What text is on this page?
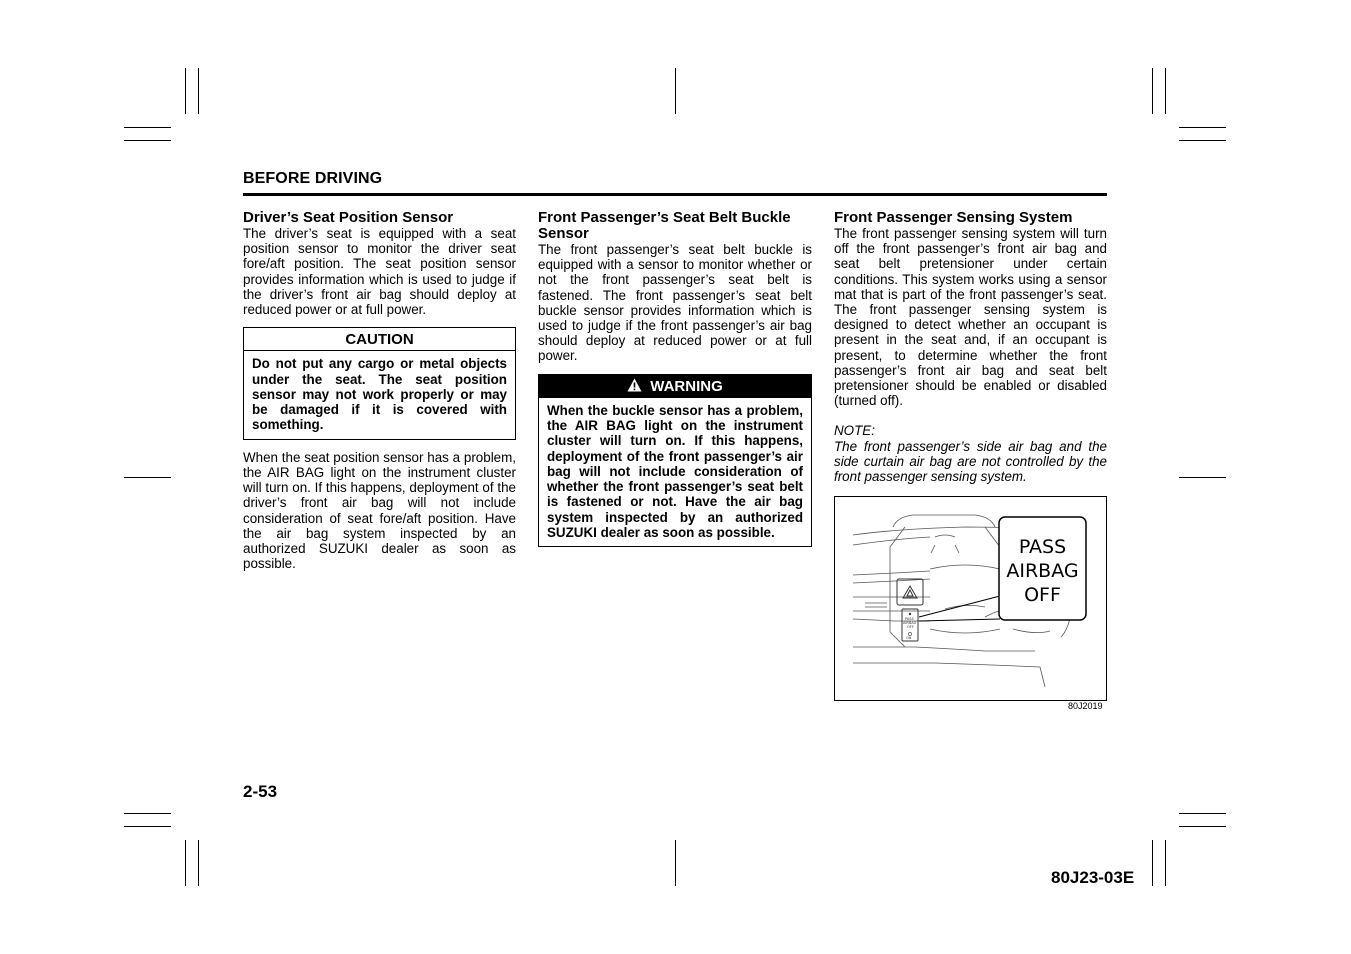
BEFORE DRIVING
Driver’s Seat Position Sensor

The driver’s seat is equipped with a seat position sensor to monitor the driver seat fore/aft position. The seat position sensor provides information which is used to judge if the driver’s front air bag should deploy at reduced power or at full power.

CAUTION
Do not put any cargo or metal objects under the seat. The seat position sensor may not work properly or may be damaged if it is covered with something.

When the seat position sensor has a problem, the AIR BAG light on the instrument cluster will turn on. If this happens, deployment of the driver’s front air bag will not include consideration of seat fore/aft position. Have the air bag system inspected by an authorized SUZUKI dealer as soon as possible.

Front Passenger’s Seat Belt Buckle Sensor

The front passenger’s seat belt buckle is equipped with a sensor to monitor whether or not the front passenger’s seat belt is fastened. The front passenger’s seat belt buckle sensor provides information which is used to judge if the front passenger’s air bag should deploy at reduced power or at full power.

WARNING
When the buckle sensor has a problem, the AIR BAG light on the instrument cluster will turn on. If this happens, deployment of the front passenger’s air bag will not include consideration of whether the front passenger’s seat belt is fastened or not. Have the air bag system inspected by an authorized SUZUKI dealer as soon as possible.
Front Passenger Sensing System

The front passenger sensing system will turn off the front passenger’s front air bag and seat belt pretensioner under certain conditions. This system works using a sensor mat that is part of the front passenger’s seat. The front passenger sensing system is designed to detect whether an occupant is present in the seat and, if an occupant is present, to determine whether the front passenger’s front air bag and seat belt pretensioner should be enabled or disabled (turned off).

NOTE:

The front passenger’s side air bag and the side curtain air bag are not controlled by the front passenger sensing system.

PASS
AIRBAG
OFF
ON
PASS
AIRBAG
OFF
80J2019
2-53
80J23-03E
